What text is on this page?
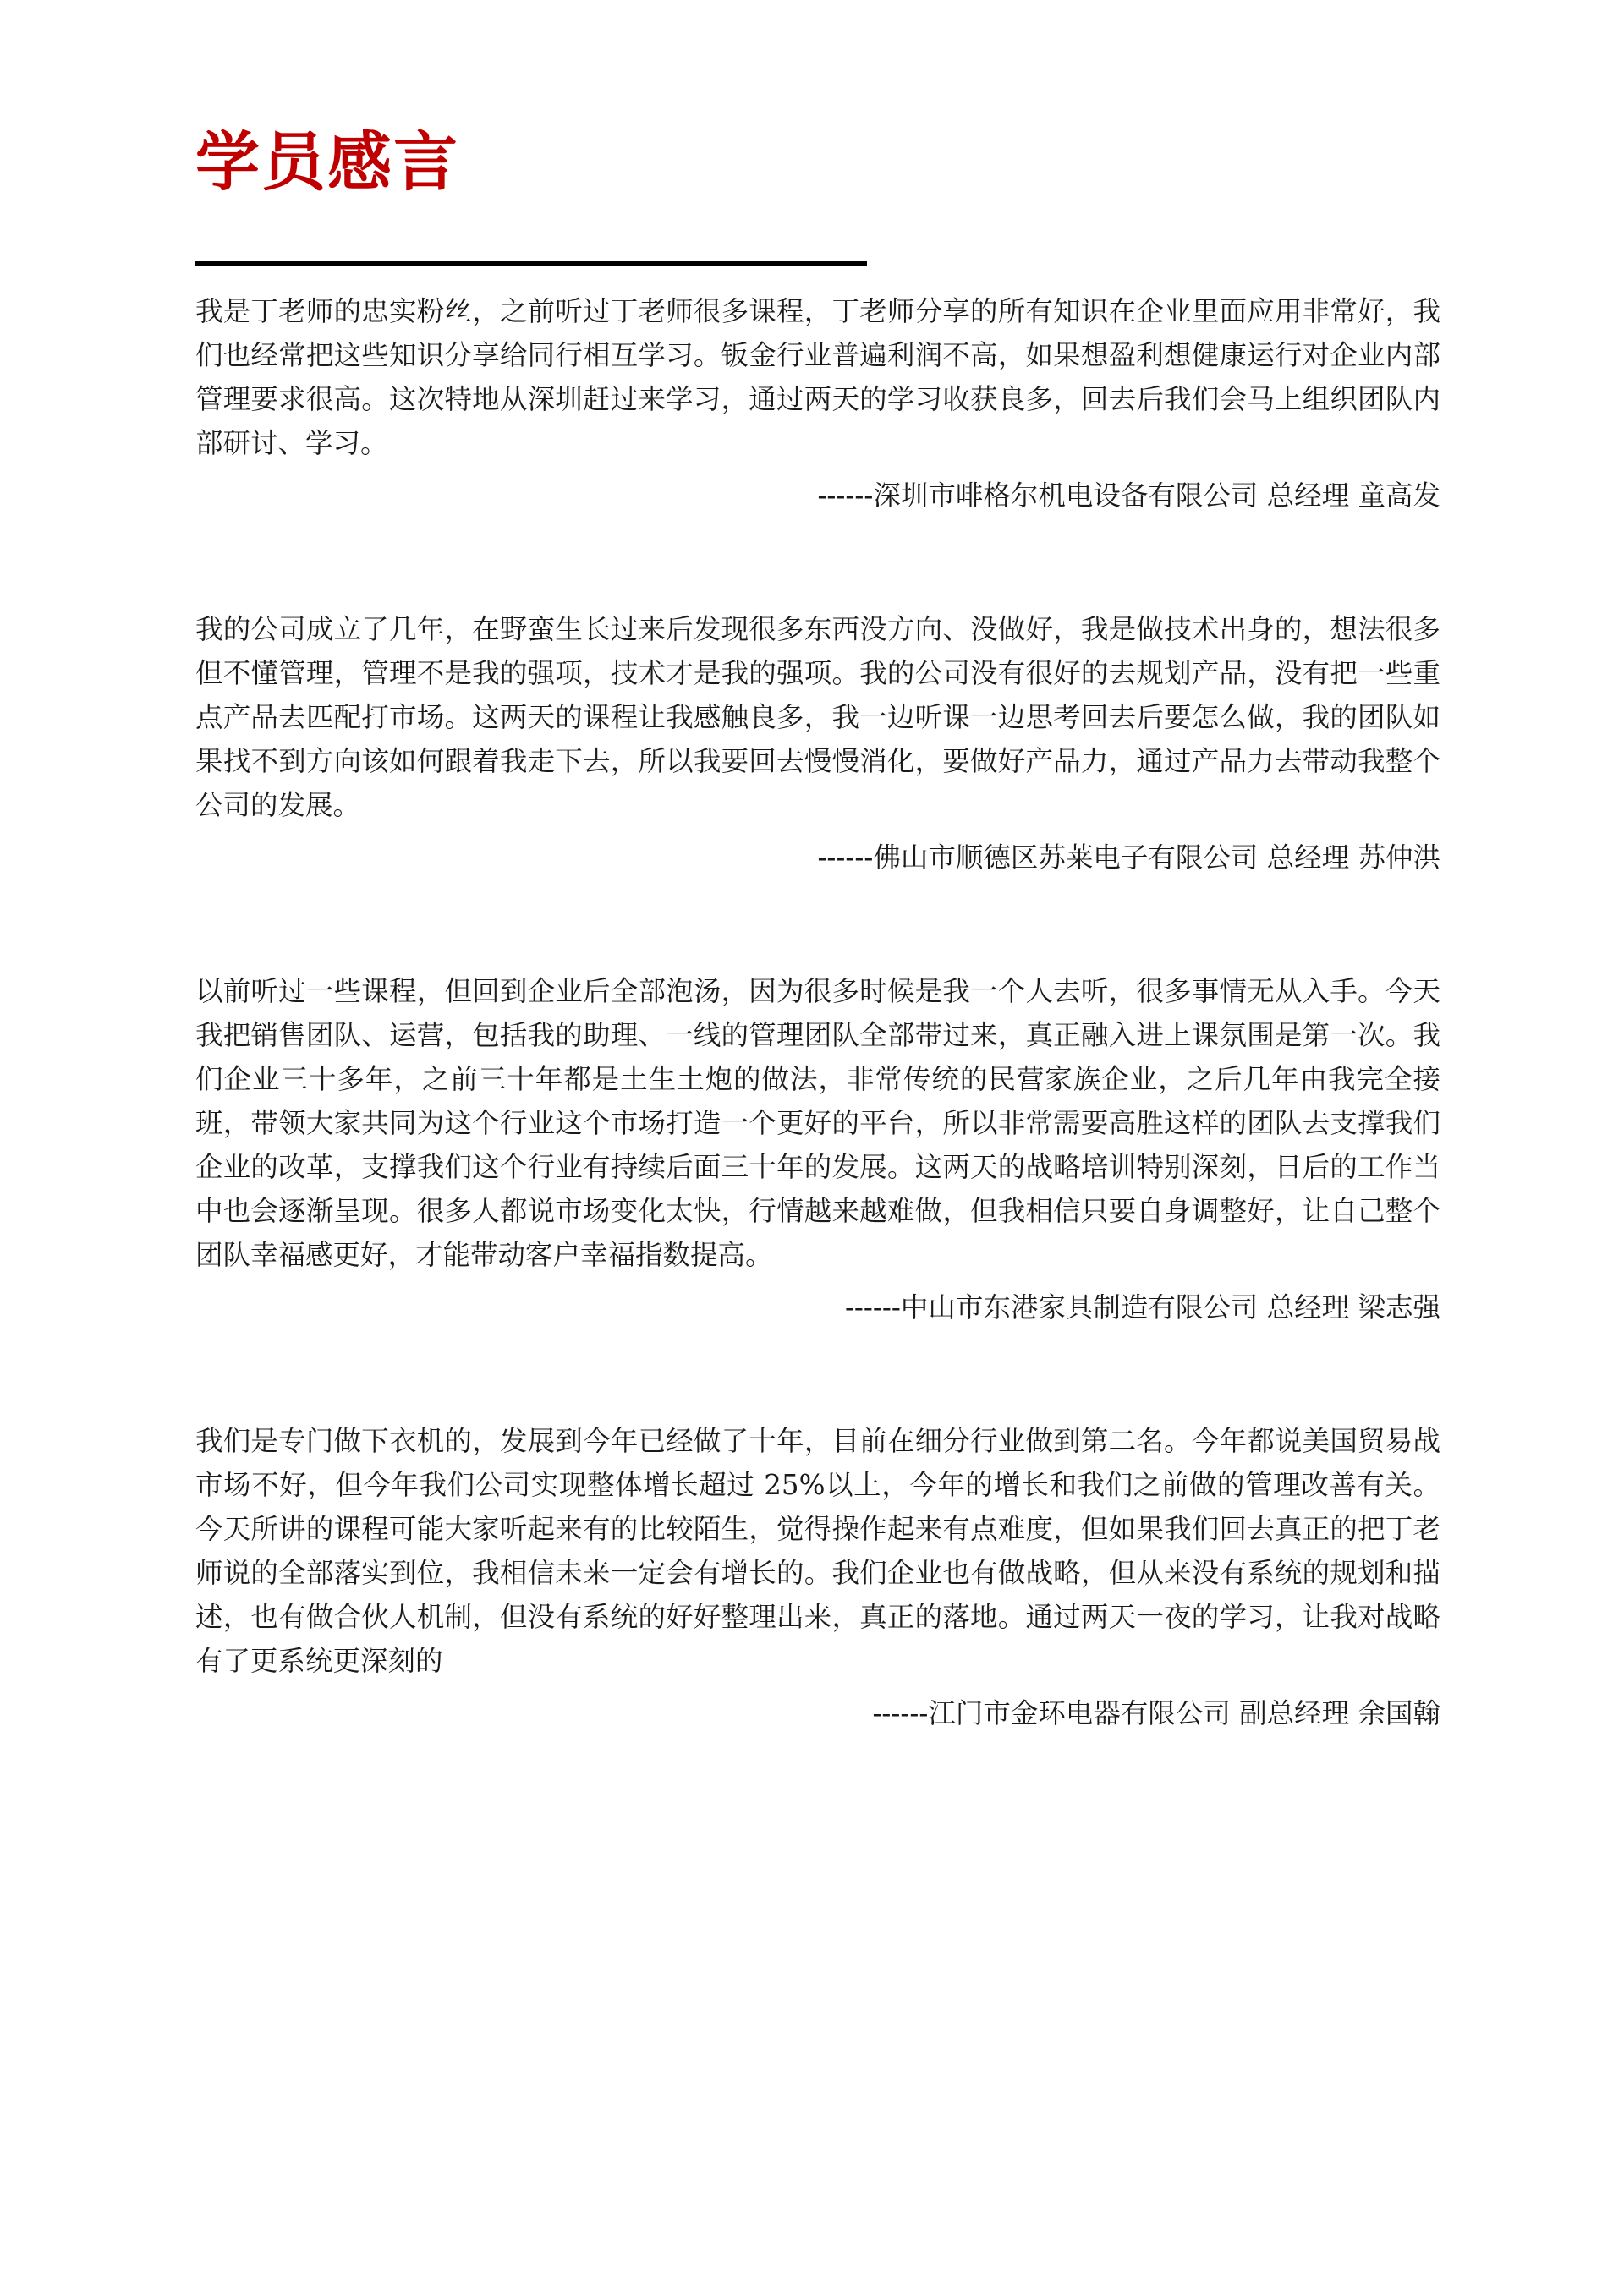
学员感言

我是丁老师的忠实粉丝，之前听过丁老师很多课程，丁老师分享的所有知识在企业里面应用非常好，我们也经常把这些知识分享给同行相互学习。钣金行业普遍利润不高，如果想盈利想健康运行对企业内部管理要求很高。这次特地从深圳赶过来学习，通过两天的学习收获良多，回去后我们会马上组织团队内部研讨、学习。

------深圳市啡格尔机电设备有限公司 总经理 童高发

我的公司成立了几年，在野蛮生长过来后发现很多东西没方向、没做好，我是做技术出身的，想法很多但不懂管理，管理不是我的强项，技术才是我的强项。我的公司没有很好的去规划产品，没有把一些重点产品去匹配打市场。这两天的课程让我感触良多，我一边听课一边思考回去后要怎么做，我的团队如果找不到方向该如何跟着我走下去，所以我要回去慢慢消化，要做好产品力，通过产品力去带动我整个公司的发展。

------佛山市顺德区苏莱电子有限公司 总经理 苏仲洪

以前听过一些课程，但回到企业后全部泡汤，因为很多时候是我一个人去听，很多事情无从入手。今天我把销售团队、运营，包括我的助理、一线的管理团队全部带过来，真正融入进上课氛围是第一次。我们企业三十多年，之前三十年都是土生土炮的做法，非常传统的民营家族企业，之后几年由我完全接班，带领大家共同为这个行业这个市场打造一个更好的平台，所以非常需要高胜这样的团队去支撑我们企业的改革，支撑我们这个行业有持续后面三十年的发展。这两天的战略培训特别深刻，日后的工作当中也会逐渐呈现。很多人都说市场变化太快，行情越来越难做，但我相信只要自身调整好，让自己整个团队幸福感更好，才能带动客户幸福指数提高。

------中山市东港家具制造有限公司 总经理 梁志强

我们是专门做下衣机的，发展到今年已经做了十年，目前在细分行业做到第二名。今年都说美国贸易战市场不好，但今年我们公司实现整体增长超过 25%以上，今年的增长和我们之前做的管理改善有关。今天所讲的课程可能大家听起来有的比较陌生，觉得操作起来有点难度，但如果我们回去真正的把丁老师说的全部落实到位，我相信未来一定会有增长的。我们企业也有做战略，但从来没有系统的规划和描述，也有做合伙人机制，但没有系统的好好整理出来，真正的落地。通过两天一夜的学习，让我对战略有了更系统更深刻的

------江门市金环电器有限公司 副总经理 余国翰
